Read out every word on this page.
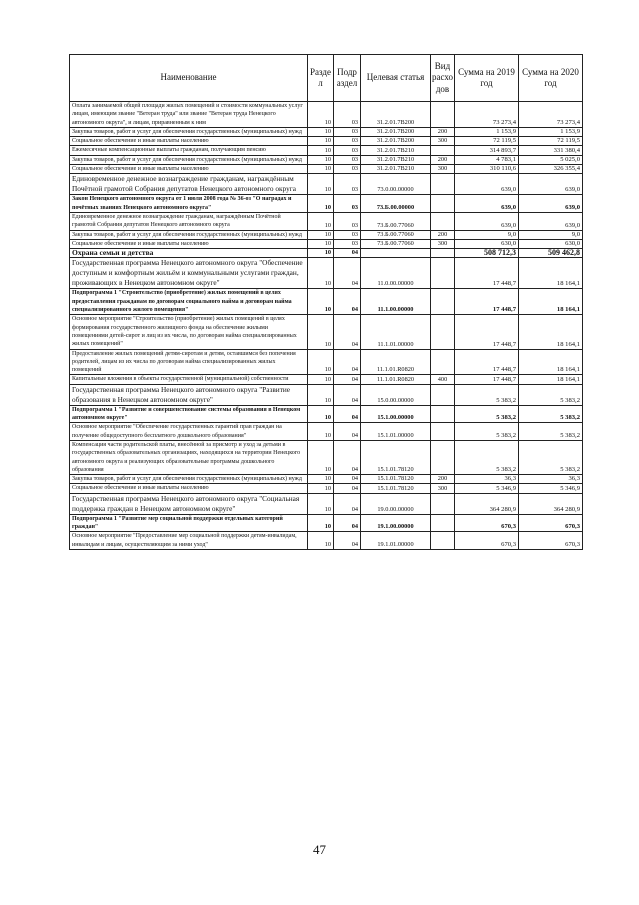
Наименование	Разде л	Подр аздел	Целевая статья	Вид расхо дов	Сумма на 2019 год	Сумма на 2020 год
Оплата занимаемой общей площади жилых помещений и стоимости коммунальных услуг лицам, имеющим звание "Ветеран труда" или звание "Ветеран труда Ненецкого автономного округа", и лицам, приравненным к ним	10	03	31.2.01.7В200		73 273,4	73 273,4
Закупка товаров, работ и услуг для обеспечения государственных (муниципальных) нужд	10	03	31.2.01.7В200	200	1 153,9	1 153,9
Социальное обеспечение и иные выплаты населению	10	03	31.2.01.7В200	300	72 119,5	72 119,5
Ежемесячные компенсационные выплаты гражданам, получающим пенсию	10	03	31.2.01.7В210		314 893,7	331 380,4
Закупка товаров, работ и услуг для обеспечения государственных (муниципальных) нужд	10	03	31.2.01.7В210	200	4 783,1	5 025,0
Социальное обеспечение и иные выплаты населению	10	03	31.2.01.7В210	300	310 110,6	326 355,4
Единовременное денежное вознаграждение гражданам, награждённым Почётной грамотой Собрания депутатов Ненецкого автономного округа	10	03	73.0.00.00000		639,0	639,0
Закон Ненецкого автономного округа от 1 июля 2008 года № 36-оз "О наградах и почётных званиях Ненецкого автономного округа"	10	03	73.Б.00.00000		639,0	639,0
Единовременное денежное вознаграждение гражданам, награждённым Почётной грамотой Собрания депутатов Ненецкого автономного округа	10	03	73.Б.00.77060		639,0	639,0
Закупка товаров, работ и услуг для обеспечения государственных (муниципальных) нужд	10	03	73.Б.00.77060	200	9,0	9,0
Социальное обеспечение и иные выплаты населению	10	03	73.Б.00.77060	300	630,0	630,0
Охрана семьи и детства	10	04			508 712,3	509 462,8
Государственная программа Ненецкого автономного округа "Обеспечение доступным и комфортным жильём и коммунальными услугами граждан, проживающих в Ненецком автономном округе"	10	04	11.0.00.00000		17 448,7	18 164,1
Подпрограмма 1 "Строительство (приобретение) жилых помещений в целях предоставления гражданам по договорам социального найма и договорам найма специализированного жилого помещения"	10	04	11.1.00.00000		17 448,7	18 164,1
Основное мероприятие "Строительство (приобретение) жилых помещений в целях формирования государственного жилищного фонда на обеспечение жилыми помещениями детей-сирот и лиц из их числа, по договорам найма специализированных жилых помещений"	10	04	11.1.01.00000		17 448,7	18 164,1
Предоставление жилых помещений детям-сиротам и детям, оставшимся без попечения родителей, лицам из их числа по договорам найма специализированных жилых помещений	10	04	11.1.01.R0820		17 448,7	18 164,1
Капитальные вложения в объекты государственной (муниципальной) собственности	10	04	11.1.01.R0820	400	17 448,7	18 164,1
Государственная программа Ненецкого автономного округа "Развитие образования в Ненецком автономном округе"	10	04	15.0.00.00000		5 383,2	5 383,2
Подпрограмма 1 "Развитие и совершенствование системы образования в Ненецком автономном округе"	10	04	15.1.00.00000		5 383,2	5 383,2
Основное мероприятие "Обеспечение государственных гарантий прав граждан на получение общедоступного бесплатного дошкольного образования"	10	04	15.1.01.00000		5 383,2	5 383,2
Компенсация части родительской платы, внесённой за присмотр и уход за детьми в государственных образовательных организациях, находящихся на территории Ненецкого автономного округа и реализующих образовательные программы дошкольного образования	10	04	15.1.01.78120		5 383,2	5 383,2
Закупка товаров, работ и услуг для обеспечения государственных (муниципальных) нужд	10	04	15.1.01.78120	200	36,3	36,3
Социальное обеспечение и иные выплаты населению	10	04	15.1.01.78120	300	5 346,9	5 346,9
Государственная программа Ненецкого автономного округа "Социальная поддержка граждан в Ненецком автономном округе"	10	04	19.0.00.00000		364 280,9	364 280,9
Подпрограмма 1 "Развитие мер социальной поддержки отдельных категорий граждан"	10	04	19.1.00.00000		670,3	670,3
Основное мероприятие "Предоставление мер социальной поддержки детям-инвалидам, инвалидам и лицам, осуществляющим за ними уход"	10	04	19.1.01.00000		670,3	670,3
47
